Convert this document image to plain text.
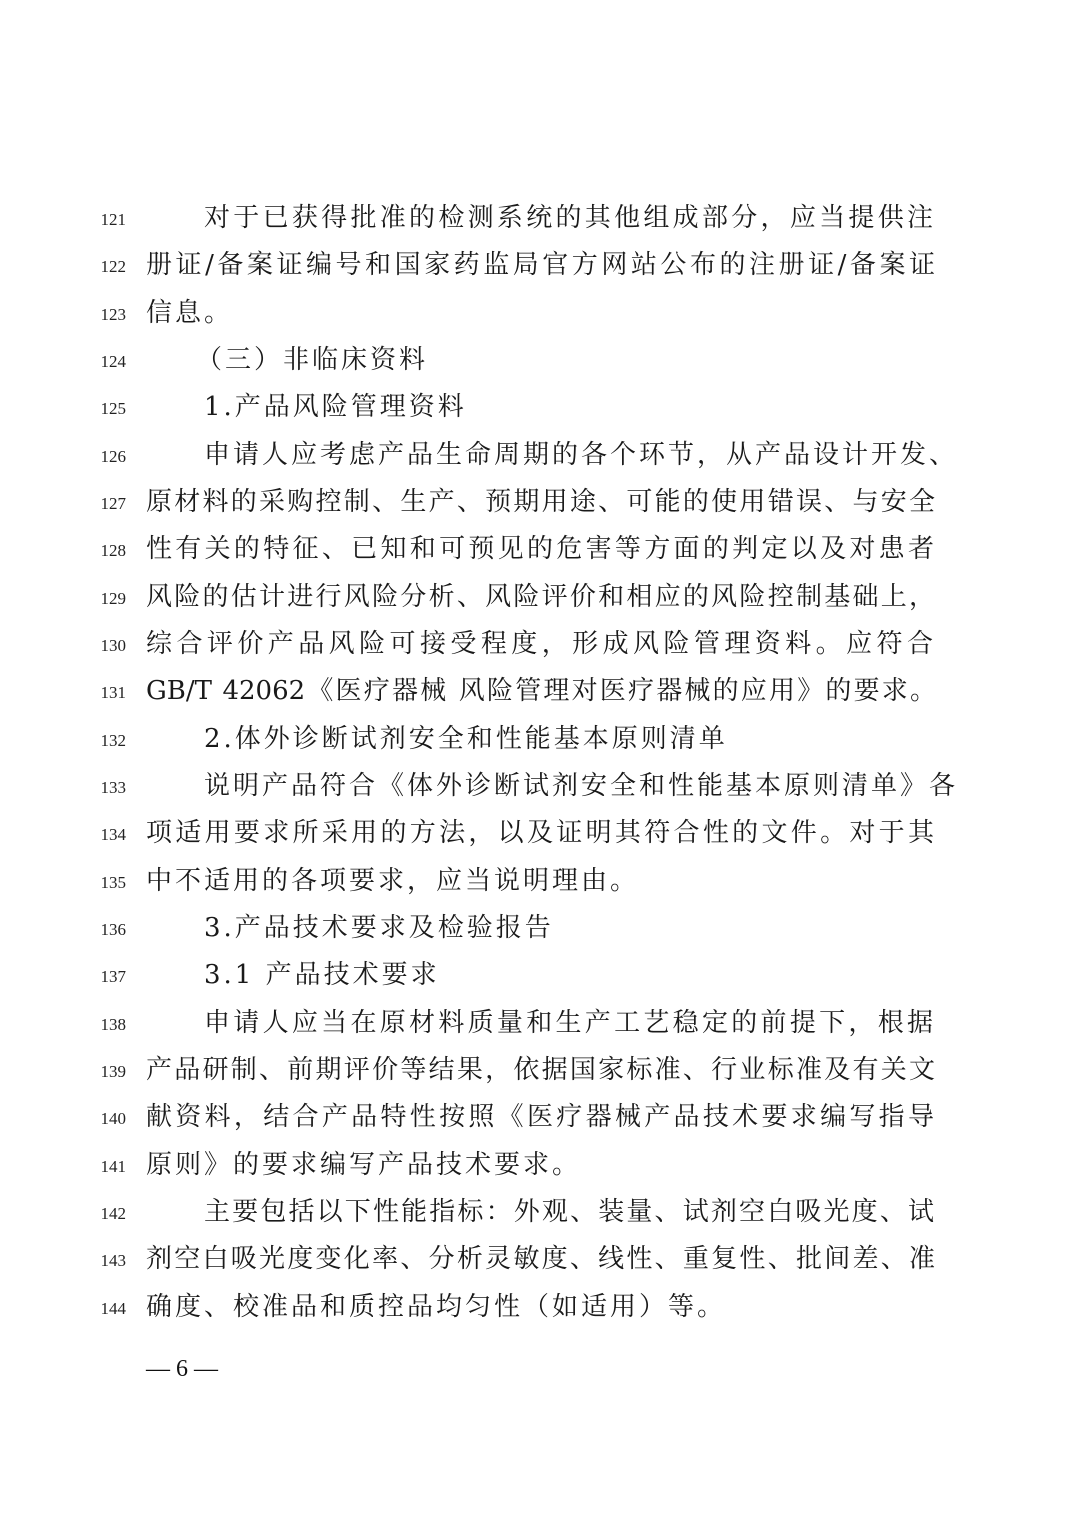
121	对于已获得批准的检测系统的其他组成部分，应当提供注
122 册证/备案证编号和国家药监局官方网站公布的注册证/备案证
123 信息。
124	（三）非临床资料
125	1.产品风险管理资料
126	申请人应考虑产品生命周期的各个环节，从产品设计开发、
127 原材料的采购控制、生产、预期用途、可能的使用错误、与安全
128 性有关的特征、已知和可预见的危害等方面的判定以及对患者
129 风险的估计进行风险分析、风险评价和相应的风险控制基础上，
130 综合评价产品风险可接受程度，形成风险管理资料。应符合
131 GB/T 42062《医疗器械 风险管理对医疗器械的应用》的要求。
132	2.体外诊断试剂安全和性能基本原则清单
133	说明产品符合《体外诊断试剂安全和性能基本原则清单》各
134 项适用要求所采用的方法，以及证明其符合性的文件。对于其
135 中不适用的各项要求，应当说明理由。
136	3.产品技术要求及检验报告
137	3.1 产品技术要求
138	申请人应当在原材料质量和生产工艺稳定的前提下，根据
139 产品研制、前期评价等结果，依据国家标准、行业标准及有关文
140 献资料，结合产品特性按照《医疗器械产品技术要求编写指导
141 原则》的要求编写产品技术要求。
142	主要包括以下性能指标：外观、装量、试剂空白吸光度、试
143 剂空白吸光度变化率、分析灵敏度、线性、重复性、批间差、准
144 确度、校准品和质控品均匀性（如适用）等。
— 6 —
